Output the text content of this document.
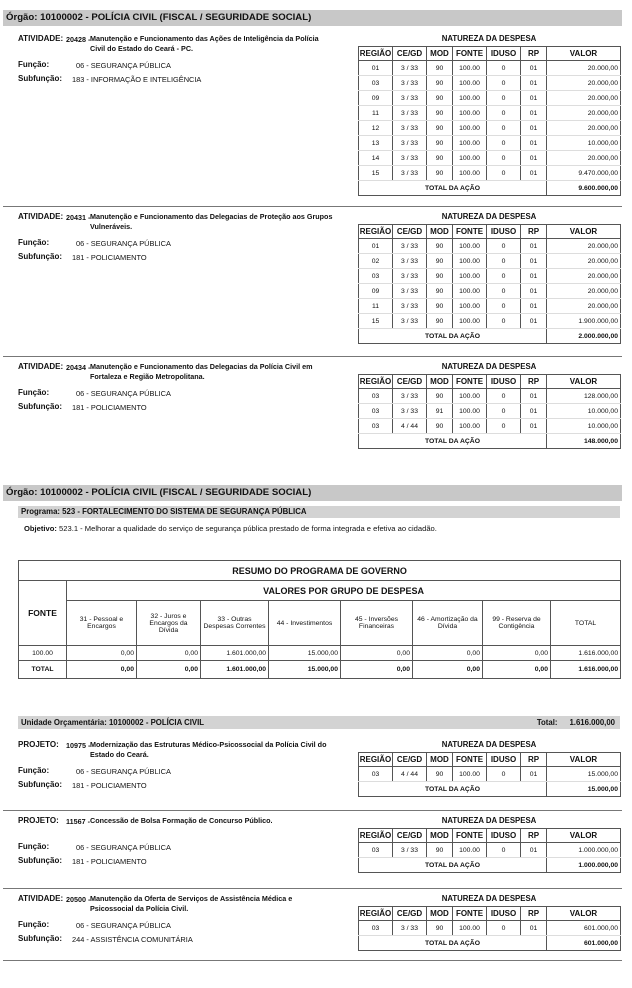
Órgão: 10100002 - POLÍCIA CIVIL (FISCAL / SEGURIDADE SOCIAL)
ATIVIDADE: 20428 - Manutenção e Funcionamento das Ações de Inteligência da Polícia Civil do Estado do Ceará - PC.
Função:	06 - SEGURANÇA PÚBLICA
Subfunção: 183 - INFORMAÇÃO E INTELIGÊNCIA
NATUREZA DA DESPESA
REGIÃO	CE/GD	MOD	FONTE	IDUSO	RP	VALOR
01	3 / 33	90	100.00	0	01	20.000,00
03	3 / 33	90	100.00	0	01	20.000,00
09	3 / 33	90	100.00	0	01	20.000,00
11	3 / 33	90	100.00	0	01	20.000,00
12	3 / 33	90	100.00	0	01	20.000,00
13	3 / 33	90	100.00	0	01	10.000,00
14	3 / 33	90	100.00	0	01	20.000,00
15	3 / 33	90	100.00	0	01	9.470.000,00
TOTAL DA AÇÃO						9.600.000,00
ATIVIDADE: 20431 - Manutenção e Funcionamento das Delegacias de Proteção aos Grupos Vulneráveis.
Função:	06 - SEGURANÇA PÚBLICA
Subfunção: 181 - POLICIAMENTO
NATUREZA DA DESPESA
REGIÃO	CE/GD	MOD	FONTE	IDUSO	RP	VALOR
01	3 / 33	90	100.00	0	01	20.000,00
02	3 / 33	90	100.00	0	01	20.000,00
03	3 / 33	90	100.00	0	01	20.000,00
09	3 / 33	90	100.00	0	01	20.000,00
11	3 / 33	90	100.00	0	01	20.000,00
15	3 / 33	90	100.00	0	01	1.900.000,00
TOTAL DA AÇÃO						2.000.000,00
ATIVIDADE: 20434 - Manutenção e Funcionamento das Delegacias da Polícia Civil em Fortaleza e Região Metropolitana.
Função:	06 - SEGURANÇA PÚBLICA
Subfunção: 181 - POLICIAMENTO
NATUREZA DA DESPESA
REGIÃO	CE/GD	MOD	FONTE	IDUSO	RP	VALOR
03	3 / 33	90	100.00	0	01	128.000,00
03	3 / 33	91	100.00	0	01	10.000,00
03	4 / 44	90	100.00	0	01	10.000,00
TOTAL DA AÇÃO						148.000,00
Órgão: 10100002 - POLÍCIA CIVIL (FISCAL / SEGURIDADE SOCIAL)
Programa: 523 - FORTALECIMENTO DO SISTEMA DE SEGURANÇA PÚBLICA
Objetivo: 523.1 - Melhorar a qualidade do serviço de segurança pública prestado de forma integrada e efetiva ao cidadão.
RESUMO DO PROGRAMA DE GOVERNO								
FONTE	VALORES POR GRUPO DE DESPESA							
	31 - Pessoal e Encargos	32 - Juros e Encargos da Dívida	33 - Outras Despesas Correntes	44 - Investimentos	45 - Inversões Financeiras	46 - Amortização da Dívida	99 - Reserva de Contigência	TOTAL
100.00	0,00	0,00	1.601.000,00	15.000,00	0,00	0,00	0,00	1.616.000,00
TOTAL	0,00	0,00	1.601.000,00	15.000,00	0,00	0,00	0,00	1.616.000,00
Unidade Orçamentária: 10100002 - POLÍCIA CIVIL	Total: 1.616.000,00
PROJETO: 10975 - Modernização das Estruturas Médico-Psicossocial da Polícia Civil do Estado do Ceará.
Função:	06 - SEGURANÇA PÚBLICA
Subfunção: 181 - POLICIAMENTO
NATUREZA DA DESPESA
REGIÃO	CE/GD	MOD	FONTE	IDUSO	RP	VALOR
03	4 / 44	90	100.00	0	01	15.000,00
TOTAL DA AÇÃO						15.000,00
PROJETO: 11567 - Concessão de Bolsa Formação de Concurso Público.
Função:	06 - SEGURANÇA PÚBLICA
Subfunção: 181 - POLICIAMENTO
NATUREZA DA DESPESA
REGIÃO	CE/GD	MOD	FONTE	IDUSO	RP	VALOR
03	3 / 33	90	100.00	0	01	1.000.000,00
TOTAL DA AÇÃO						1.000.000,00
ATIVIDADE: 20500 - Manutenção da Oferta de Serviços de Assistência Médica e Psicossocial da Polícia Civil.
Função:	06 - SEGURANÇA PÚBLICA
Subfunção: 244 - ASSISTÊNCIA COMUNITÁRIA
NATUREZA DA DESPESA
REGIÃO	CE/GD	MOD	FONTE	IDUSO	RP	VALOR
03	3 / 33	90	100.00	0	01	601.000,00
TOTAL DA AÇÃO						601.000,00
